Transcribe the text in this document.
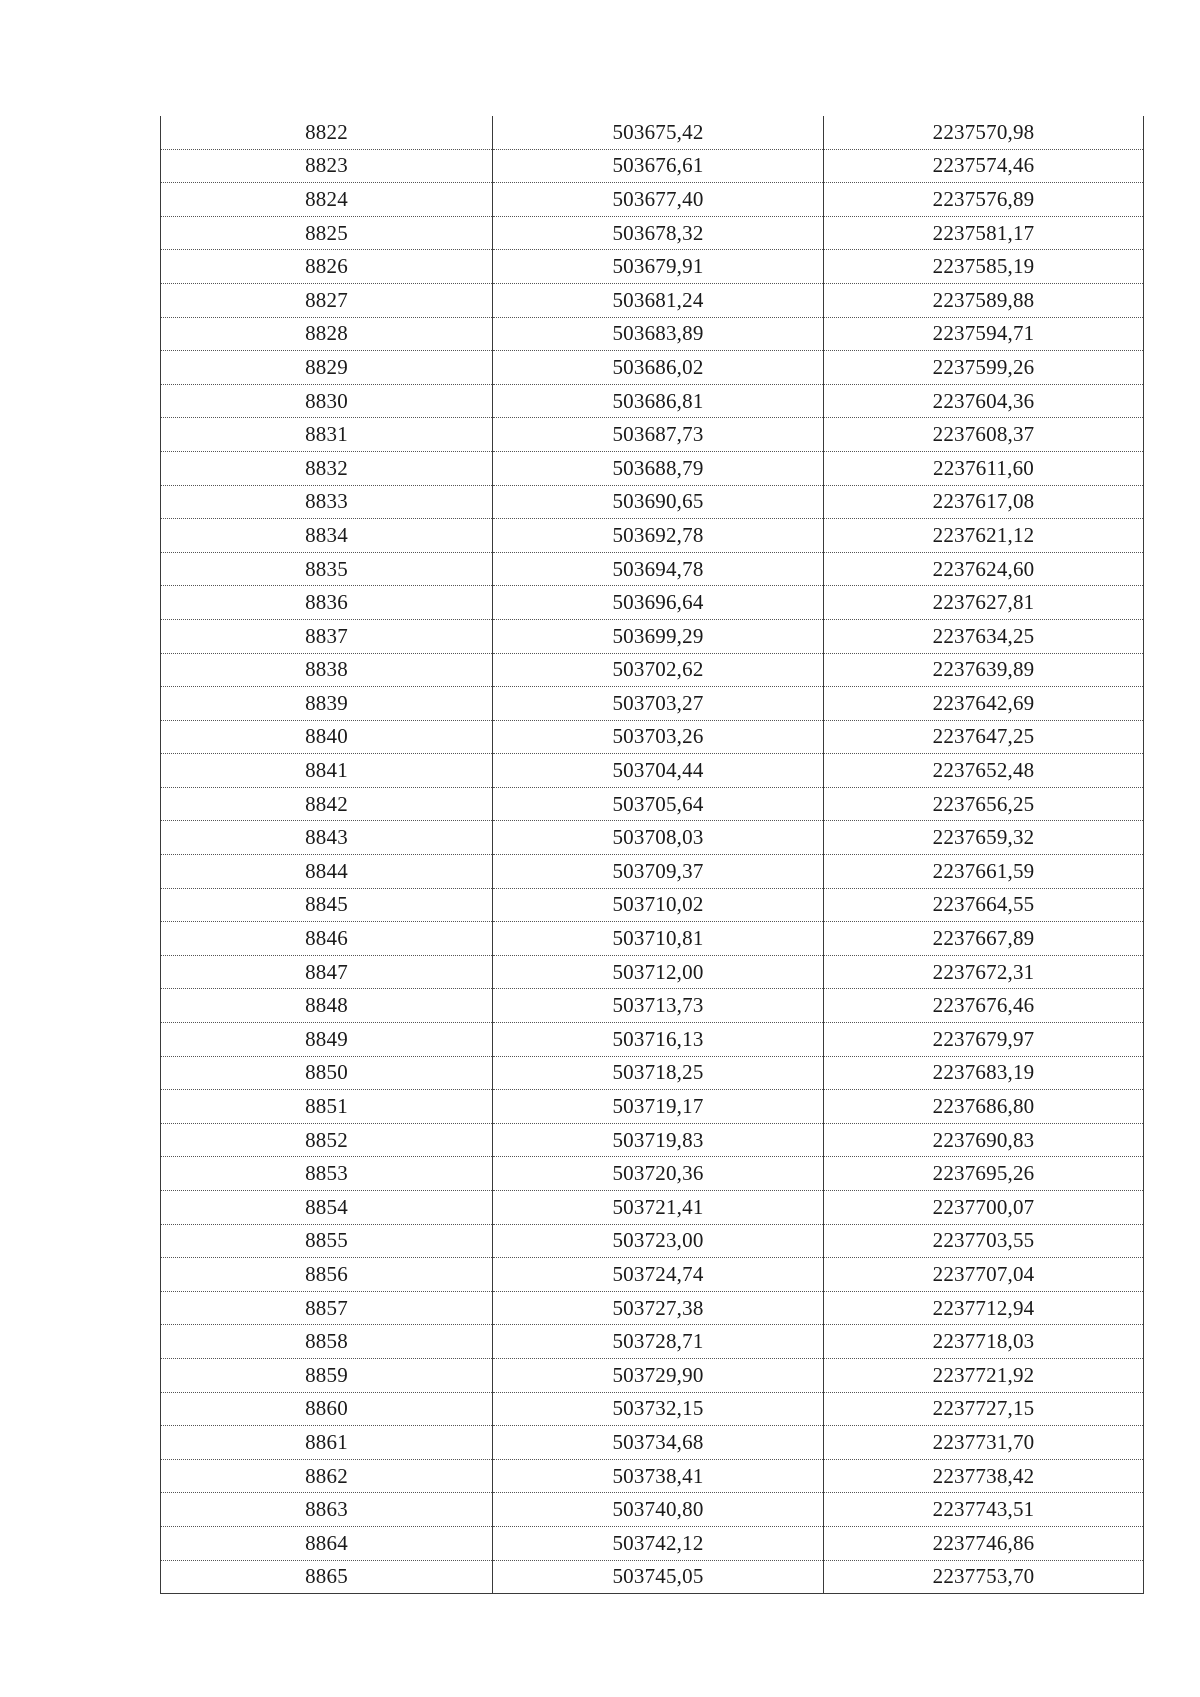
8822	503675,42	2237570,98
8823	503676,61	2237574,46
8824	503677,40	2237576,89
8825	503678,32	2237581,17
8826	503679,91	2237585,19
8827	503681,24	2237589,88
8828	503683,89	2237594,71
8829	503686,02	2237599,26
8830	503686,81	2237604,36
8831	503687,73	2237608,37
8832	503688,79	2237611,60
8833	503690,65	2237617,08
8834	503692,78	2237621,12
8835	503694,78	2237624,60
8836	503696,64	2237627,81
8837	503699,29	2237634,25
8838	503702,62	2237639,89
8839	503703,27	2237642,69
8840	503703,26	2237647,25
8841	503704,44	2237652,48
8842	503705,64	2237656,25
8843	503708,03	2237659,32
8844	503709,37	2237661,59
8845	503710,02	2237664,55
8846	503710,81	2237667,89
8847	503712,00	2237672,31
8848	503713,73	2237676,46
8849	503716,13	2237679,97
8850	503718,25	2237683,19
8851	503719,17	2237686,80
8852	503719,83	2237690,83
8853	503720,36	2237695,26
8854	503721,41	2237700,07
8855	503723,00	2237703,55
8856	503724,74	2237707,04
8857	503727,38	2237712,94
8858	503728,71	2237718,03
8859	503729,90	2237721,92
8860	503732,15	2237727,15
8861	503734,68	2237731,70
8862	503738,41	2237738,42
8863	503740,80	2237743,51
8864	503742,12	2237746,86
8865	503745,05	2237753,70
